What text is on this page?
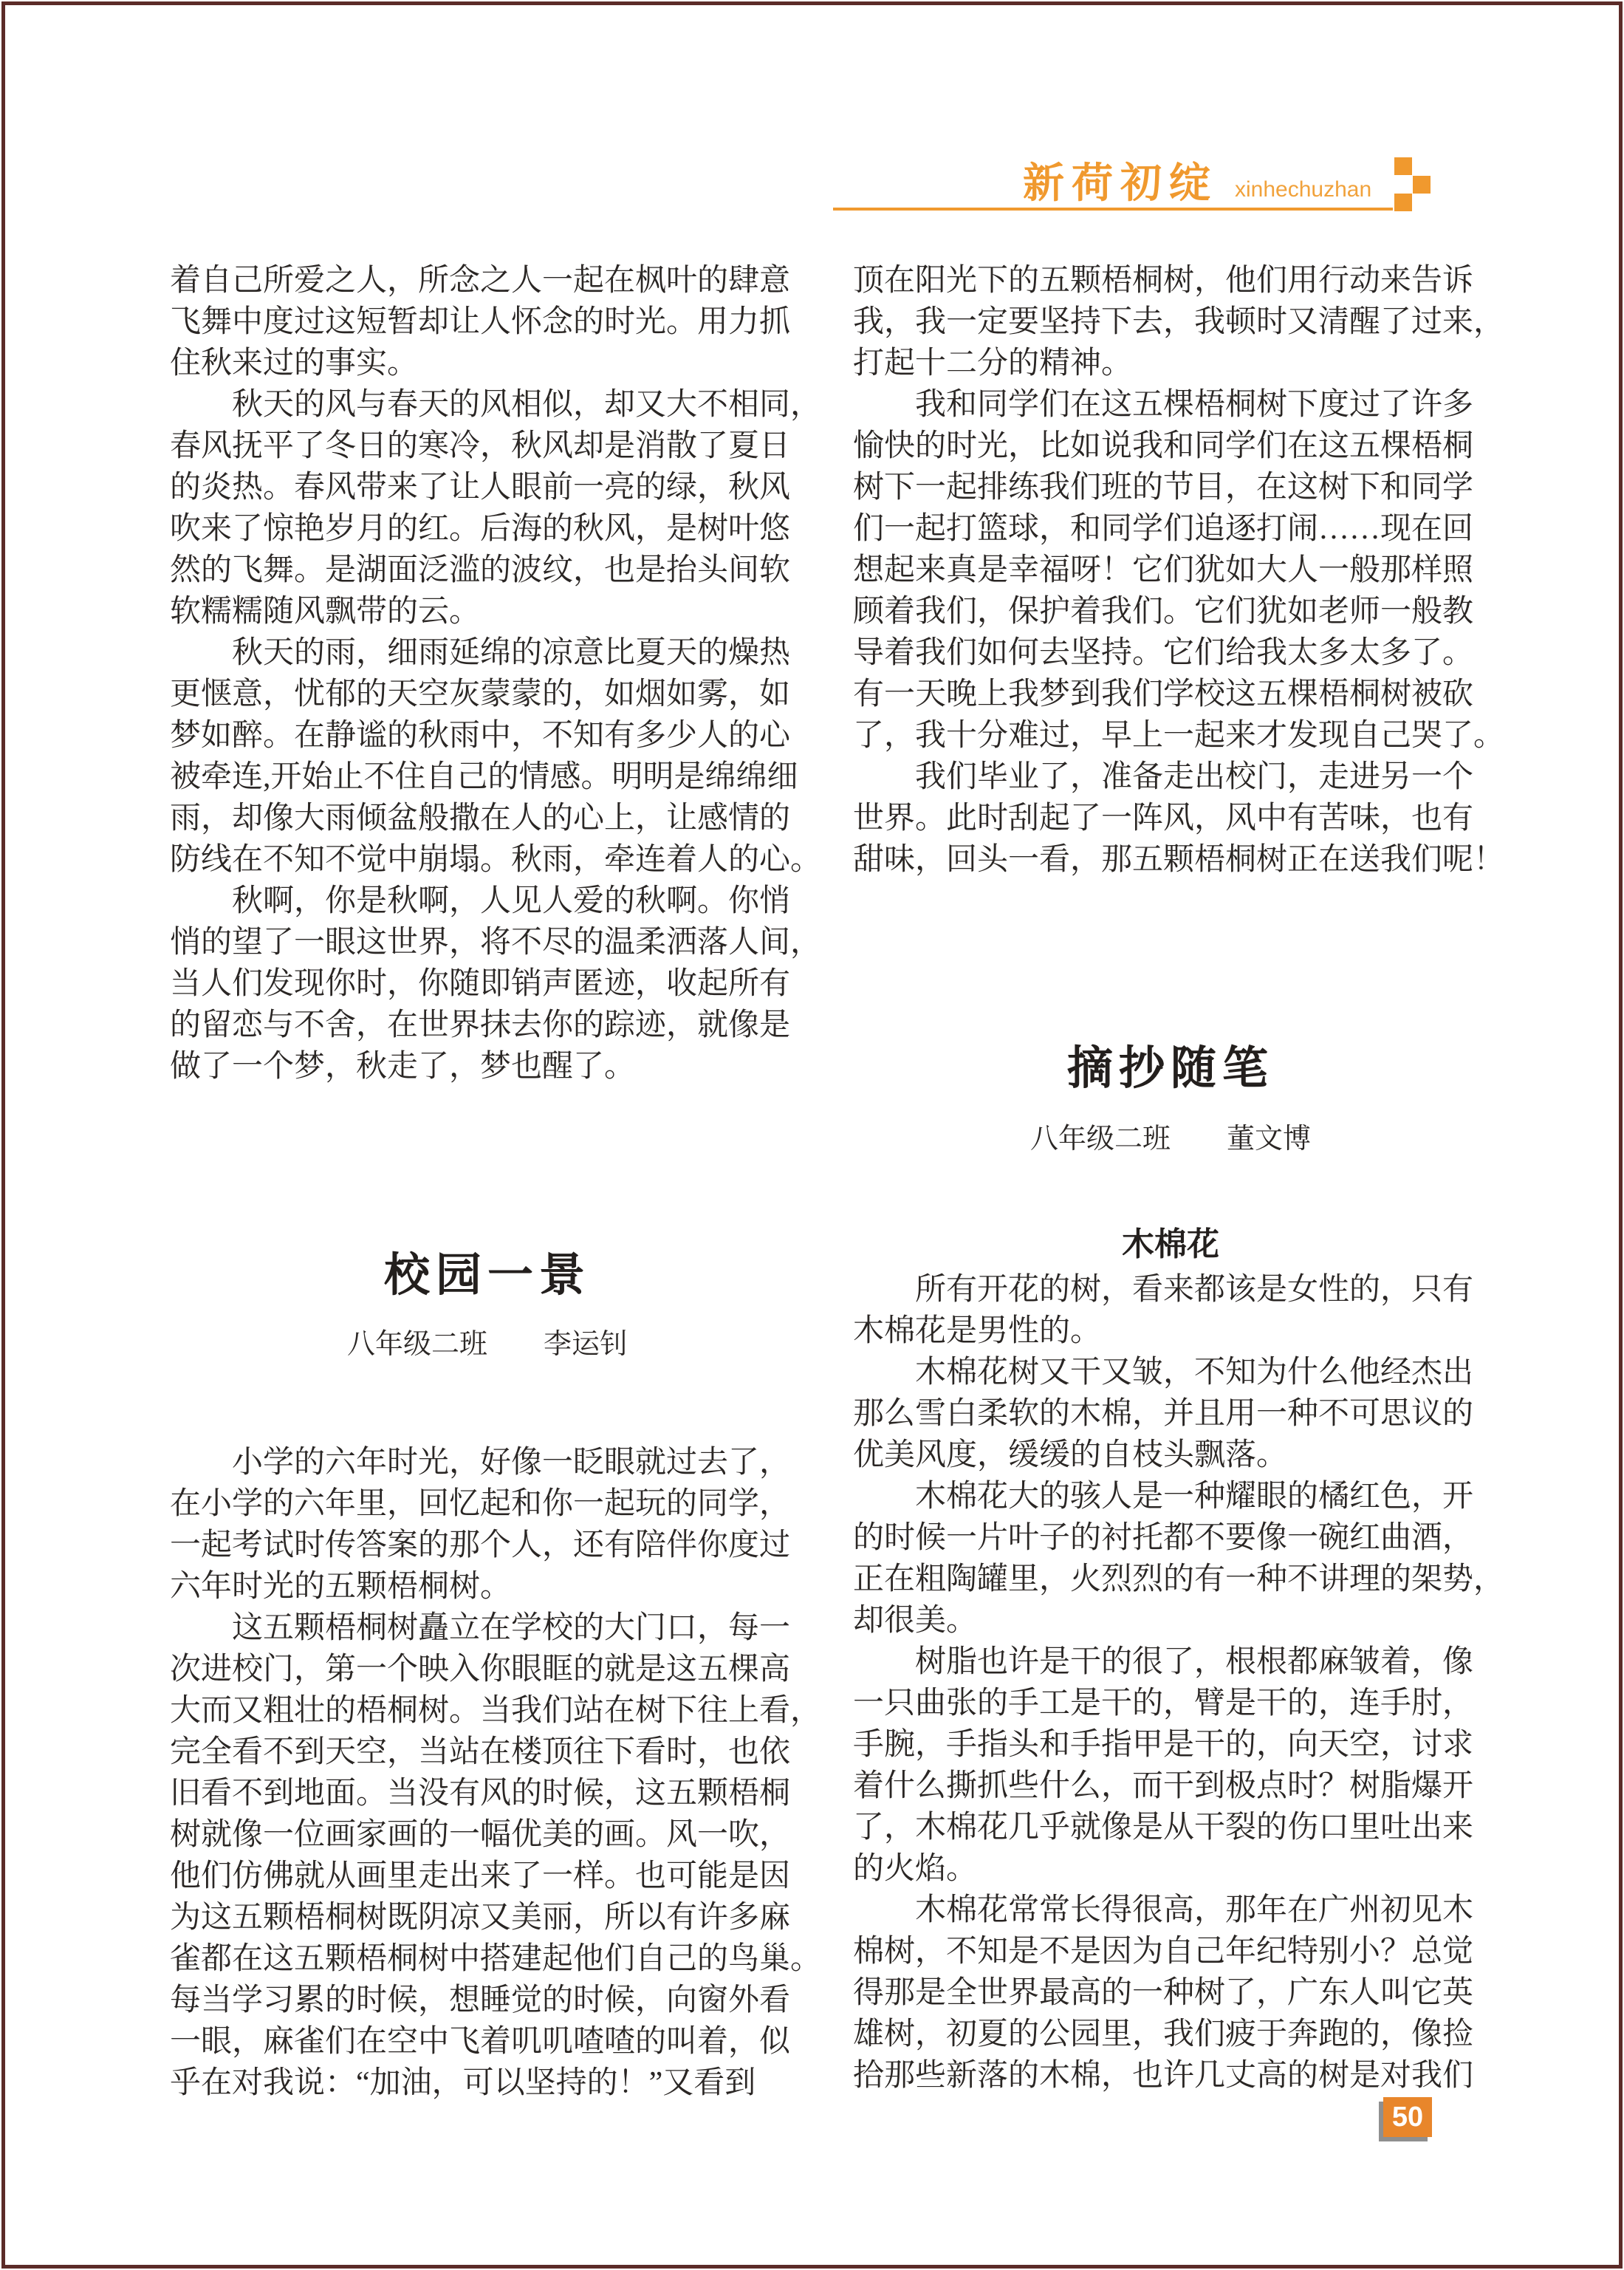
新荷初绽 xinhechuzhan
着自己所爱之人，所念之人一起在枫叶的肆意
飞舞中度过这短暂却让人怀念的时光。用力抓
住秋来过的事实。
　　秋天的风与春天的风相似，却又大不相同，
春风抚平了冬日的寒冷，秋风却是消散了夏日
的炎热。春风带来了让人眼前一亮的绿，秋风
吹来了惊艳岁月的红。后海的秋风，是树叶悠
然的飞舞。是湖面泛滥的波纹，也是抬头间软
软糯糯随风飘带的云。
　　秋天的雨，细雨延绵的凉意比夏天的燥热
更惬意，忧郁的天空灰蒙蒙的，如烟如雾，如
梦如醉。在静谧的秋雨中，不知有多少人的心
被牵连,开始止不住自己的情感。明明是绵绵细
雨，却像大雨倾盆般撒在人的心上，让感情的
防线在不知不觉中崩塌。秋雨，牵连着人的心。
　　秋啊，你是秋啊，人见人爱的秋啊。你悄
悄的望了一眼这世界，将不尽的温柔洒落人间，
当人们发现你时，你随即销声匿迹，收起所有
的留恋与不舍，在世界抹去你的踪迹，就像是
做了一个梦，秋走了，梦也醒了。
校园一景
八年级二班　　李运钊
　　小学的六年时光，好像一眨眼就过去了，
在小学的六年里，回忆起和你一起玩的同学，
一起考试时传答案的那个人，还有陪伴你度过
六年时光的五颗梧桐树。
　　这五颗梧桐树矗立在学校的大门口，每一
次进校门，第一个映入你眼眶的就是这五棵高
大而又粗壮的梧桐树。当我们站在树下往上看，
完全看不到天空，当站在楼顶往下看时，也依
旧看不到地面。当没有风的时候，这五颗梧桐
树就像一位画家画的一幅优美的画。风一吹，
他们仿佛就从画里走出来了一样。也可能是因
为这五颗梧桐树既阴凉又美丽，所以有许多麻
雀都在这五颗梧桐树中搭建起他们自己的鸟巢。
每当学习累的时候，想睡觉的时候，向窗外看
一眼，麻雀们在空中飞着叽叽喳喳的叫着，似
乎在对我说：“加油，可以坚持的！”又看到
顶在阳光下的五颗梧桐树，他们用行动来告诉
我，我一定要坚持下去，我顿时又清醒了过来，
打起十二分的精神。
　　我和同学们在这五棵梧桐树下度过了许多
愉快的时光，比如说我和同学们在这五棵梧桐
树下一起排练我们班的节目，在这树下和同学
们一起打篮球，和同学们追逐打闹……现在回
想起来真是幸福呀！它们犹如大人一般那样照
顾着我们，保护着我们。它们犹如老师一般教
导着我们如何去坚持。它们给我太多太多了。
有一天晚上我梦到我们学校这五棵梧桐树被砍
了，我十分难过，早上一起来才发现自己哭了。
　　我们毕业了，准备走出校门，走进另一个
世界。此时刮起了一阵风，风中有苦味，也有
甜味，回头一看，那五颗梧桐树正在送我们呢！
摘抄随笔
八年级二班　　董文博
木棉花
　　所有开花的树，看来都该是女性的，只有
木棉花是男性的。
　　木棉花树又干又皱，不知为什么他经杰出
那么雪白柔软的木棉，并且用一种不可思议的
优美风度，缓缓的自枝头飘落。
　　木棉花大的骇人是一种耀眼的橘红色，开
的时候一片叶子的衬托都不要像一碗红曲酒，
正在粗陶罐里，火烈烈的有一种不讲理的架势，
却很美。
　　树脂也许是干的很了，根根都麻皱着，像
一只曲张的手工是干的，臂是干的，连手肘，
手腕，手指头和手指甲是干的，向天空，讨求
着什么撕抓些什么，而干到极点时？树脂爆开
了，木棉花几乎就像是从干裂的伤口里吐出来
的火焰。
　　木棉花常常长得很高，那年在广州初见木
棉树，不知是不是因为自己年纪特别小？总觉
得那是全世界最高的一种树了，广东人叫它英
雄树，初夏的公园里，我们疲于奔跑的，像捡
拾那些新落的木棉，也许几丈高的树是对我们
50
